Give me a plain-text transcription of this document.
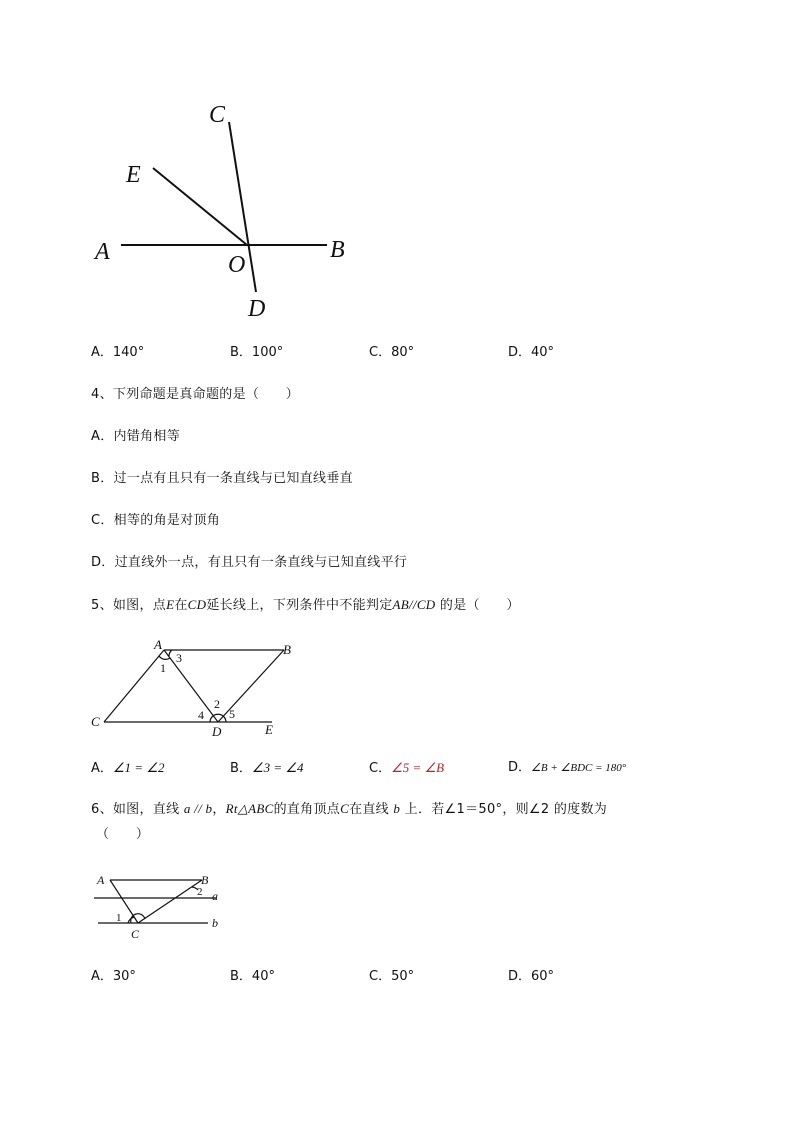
C
E
A	O
B
D
A．140°	B．100°	C．80°	D．40°
4、下列命题是真命题的是（　　）
A．内错角相等
B．过一点有且只有一条直线与已知直线垂直
C．相等的角是对顶角
D．过直线外一点，有且只有一条直线与已知直线平行
5、如图，点E在CD延长线上，下列条件中不能判定AB//CD 的是（　　）
A	B
C
D	E
1
2
3
4 5
A．∠1 = ∠2	B．∠3 = ∠4	C．∠5 = ∠B	D．∠B + ∠BDC = 180°
6、如图，直线 a // b，Rt△ABC的直角顶点C在直线 b 上．若∠1＝50°，则∠2 的度数为
（　　）
A	B
C
1
2 a
b
A．30°	B．40°	C．50°	D．60°
